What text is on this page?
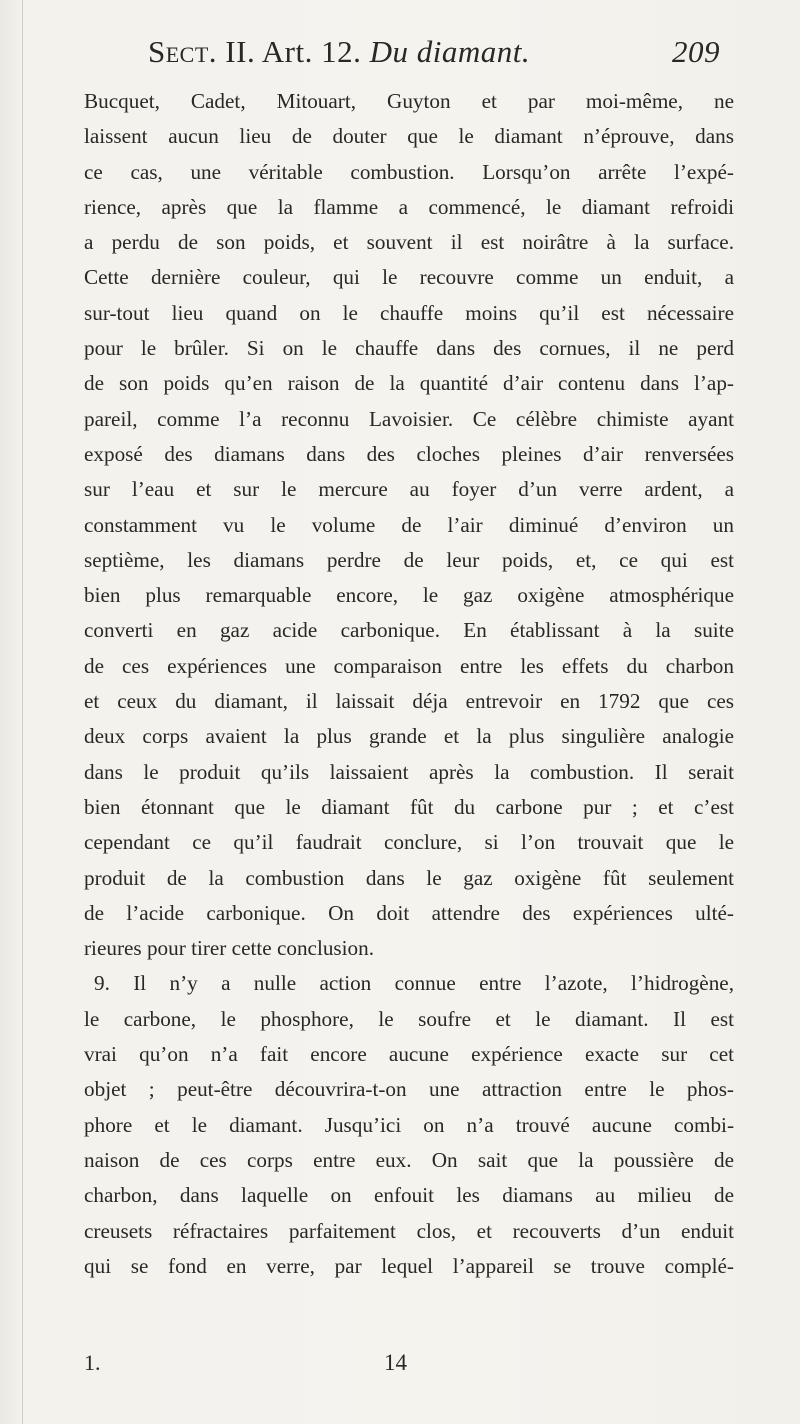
Sect. II. Art. 12. Du diamant.	209
Bucquet, Cadet, Mitouart, Guyton et par moi-même, ne
laissent aucun lieu de douter que le diamant n’éprouve, dans
ce cas, une véritable combustion. Lorsqu’on arrête l’expé-
rience, après que la flamme a commencé, le diamant refroidi
a perdu de son poids, et souvent il est noirâtre à la surface.
Cette dernière couleur, qui le recouvre comme un enduit, a
sur-tout lieu quand on le chauffe moins qu’il est nécessaire
pour le brûler. Si on le chauffe dans des cornues, il ne perd
de son poids qu’en raison de la quantité d’air contenu dans l’ap-
pareil, comme l’a reconnu Lavoisier. Ce célèbre chimiste ayant
exposé des diamans dans des cloches pleines d’air renversées
sur l’eau et sur le mercure au foyer d’un verre ardent, a
constamment vu le volume de l’air diminué d’environ un
septième, les diamans perdre de leur poids, et, ce qui est
bien plus remarquable encore, le gaz oxigène atmosphérique
converti en gaz acide carbonique. En établissant à la suite
de ces expériences une comparaison entre les effets du charbon
et ceux du diamant, il laissait déja entrevoir en 1792 que ces
deux corps avaient la plus grande et la plus singulière analogie
dans le produit qu’ils laissaient après la combustion. Il serait
bien étonnant que le diamant fût du carbone pur ; et c’est
cependant ce qu’il faudrait conclure, si l’on trouvait que le
produit de la combustion dans le gaz oxigène fût seulement
de l’acide carbonique. On doit attendre des expériences ulté-
rieures pour tirer cette conclusion.
9. Il n’y a nulle action connue entre l’azote, l’hidrogène,
le carbone, le phosphore, le soufre et le diamant. Il est
vrai qu’on n’a fait encore aucune expérience exacte sur cet
objet ; peut-être découvrira-t-on une attraction entre le phos-
phore et le diamant. Jusqu’ici on n’a trouvé aucune combi-
naison de ces corps entre eux. On sait que la poussière de
charbon, dans laquelle on enfouit les diamans au milieu de
creusets réfractaires parfaitement clos, et recouverts d’un enduit
qui se fond en verre, par lequel l’appareil se trouve complé-
1.	14
